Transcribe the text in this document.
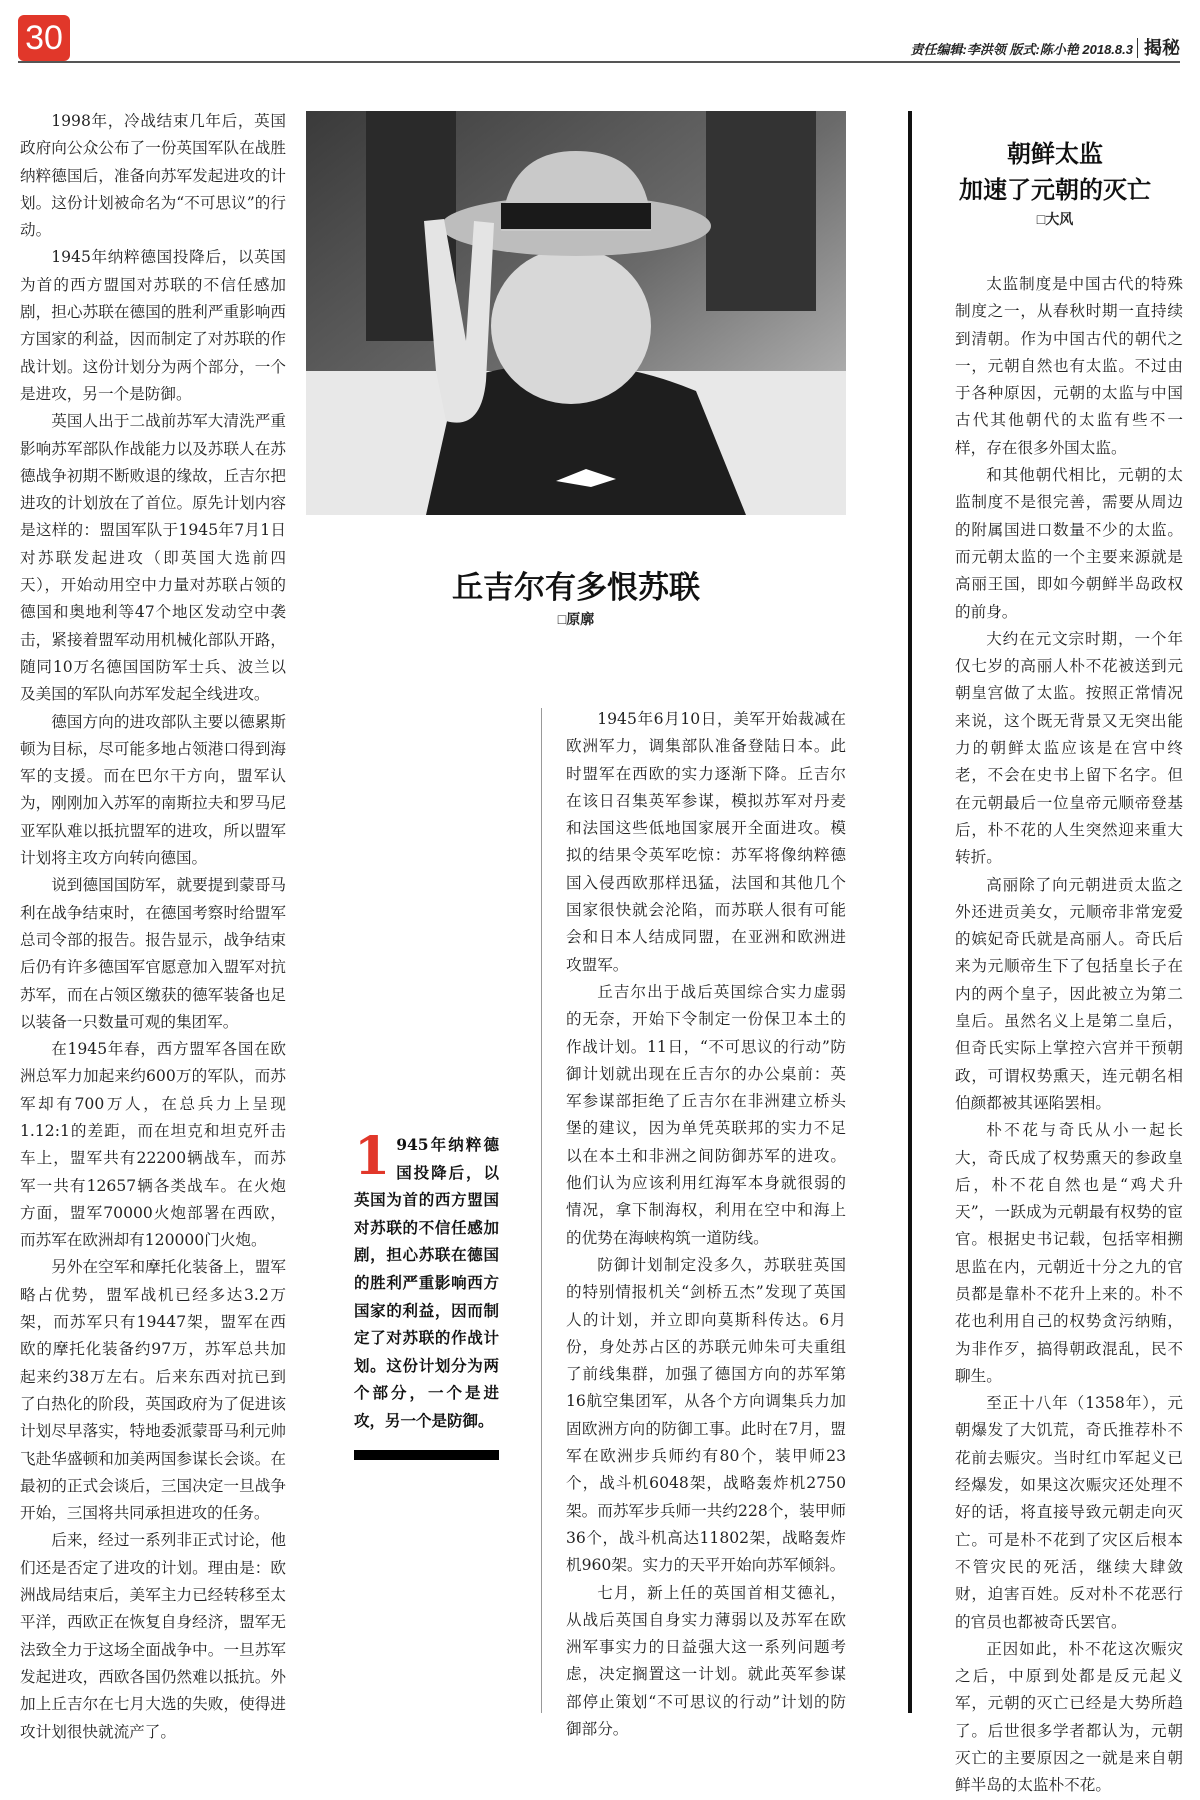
30	责任编辑:李洪领 版式:陈小艳 2018.8.3 揭秘

1998年，冷战结束几年后，英国政府向公众公布了一份英国军队在战胜纳粹德国后，准备向苏军发起进攻的计划。这份计划被命名为“不可思议”的行动。

1945年纳粹德国投降后，以英国为首的西方盟国对苏联的不信任感加剧，担心苏联在德国的胜利严重影响西方国家的利益，因而制定了对苏联的作战计划。这份计划分为两个部分，一个是进攻，另一个是防御。

英国人出于二战前苏军大清洗严重影响苏军部队作战能力以及苏联人在苏德战争初期不断败退的缘故，丘吉尔把进攻的计划放在了首位。原先计划内容是这样的：盟国军队于1945年7月1日对苏联发起进攻（即英国大选前四天），开始动用空中力量对苏联占领的德国和奥地利等47个地区发动空中袭击，紧接着盟军动用机械化部队开路，随同10万名德国国防军士兵、波兰以及美国的军队向苏军发起全线进攻。

德国方向的进攻部队主要以德累斯顿为目标，尽可能多地占领港口得到海军的支援。而在巴尔干方向，盟军认为，刚刚加入苏军的南斯拉夫和罗马尼亚军队难以抵抗盟军的进攻，所以盟军计划将主攻方向转向德国。

说到德国国防军，就要提到蒙哥马利在战争结束时，在德国考察时给盟军总司令部的报告。报告显示，战争结束后仍有许多德国军官愿意加入盟军对抗苏军，而在占领区缴获的德军装备也足以装备一只数量可观的集团军。

在1945年春，西方盟军各国在欧洲总军力加起来约600万的军队，而苏军却有700万人，在总兵力上呈现1.12:1的差距，而在坦克和坦克歼击车上，盟军共有22200辆战车，而苏军一共有12657辆各类战车。在火炮方面，盟军70000火炮部署在西欧，而苏军在欧洲却有120000门火炮。

另外在空军和摩托化装备上，盟军略占优势，盟军战机已经多达3.2万架，而苏军只有19447架，盟军在西欧的摩托化装备约97万，苏军总共加起来约38万左右。后来东西对抗已到了白热化的阶段，英国政府为了促进该计划尽早落实，特地委派蒙哥马利元帅飞赴华盛顿和加美两国参谋长会谈。在最初的正式会谈后，三国决定一旦战争开始，三国将共同承担进攻的任务。

后来，经过一系列非正式讨论，他们还是否定了进攻的计划。理由是：欧洲战局结束后，美军主力已经转移至太平洋，西欧正在恢复自身经济，盟军无法致全力于这场全面战争中。一旦苏军发起进攻，西欧各国仍然难以抵抗。外加上丘吉尔在七月大选的失败，使得进攻计划很快就流产了。

丘吉尔有多恨苏联
□原廓
1 945年纳粹德国投降后，以英国为首的西方盟国对苏联的不信任感加剧，担心苏联在德国的胜利严重影响西方国家的利益，因而制定了对苏联的作战计划。这份计划分为两个部分，一个是进攻，另一个是防御。

1945年6月10日，美军开始裁减在欧洲军力，调集部队准备登陆日本。此时盟军在西欧的实力逐渐下降。丘吉尔在该日召集英军参谋，模拟苏军对丹麦和法国这些低地国家展开全面进攻。模拟的结果令英军吃惊：苏军将像纳粹德国入侵西欧那样迅猛，法国和其他几个国家很快就会沦陷，而苏联人很有可能会和日本人结成同盟，在亚洲和欧洲进攻盟军。

丘吉尔出于战后英国综合实力虚弱的无奈，开始下令制定一份保卫本土的作战计划。11日，“不可思议的行动”防御计划就出现在丘吉尔的办公桌前：英军参谋部拒绝了丘吉尔在非洲建立桥头堡的建议，因为单凭英联邦的实力不足以在本土和非洲之间防御苏军的进攻。他们认为应该利用红海军本身就很弱的情况，拿下制海权，利用在空中和海上的优势在海峡构筑一道防线。

防御计划制定没多久，苏联驻英国的特别情报机关“剑桥五杰”发现了英国人的计划，并立即向莫斯科传达。6月份，身处苏占区的苏联元帅朱可夫重组了前线集群，加强了德国方向的苏军第16航空集团军，从各个方向调集兵力加固欧洲方向的防御工事。此时在7月，盟军在欧洲步兵师约有80个，装甲师23个，战斗机6048架，战略轰炸机2750架。而苏军步兵师一共约228个，装甲师36个，战斗机高达11802架，战略轰炸机960架。实力的天平开始向苏军倾斜。

七月，新上任的英国首相艾德礼，从战后英国自身实力薄弱以及苏军在欧洲军事实力的日益强大这一系列问题考虑，决定搁置这一计划。就此英军参谋部停止策划“不可思议的行动”计划的防御部分。

朝鲜太监
加速了元朝的灭亡
□大风

太监制度是中国古代的特殊制度之一，从春秋时期一直持续到清朝。作为中国古代的朝代之一，元朝自然也有太监。不过由于各种原因，元朝的太监与中国古代其他朝代的太监有些不一样，存在很多外国太监。

和其他朝代相比，元朝的太监制度不是很完善，需要从周边的附属国进口数量不少的太监。而元朝太监的一个主要来源就是高丽王国，即如今朝鲜半岛政权的前身。

大约在元文宗时期，一个年仅七岁的高丽人朴不花被送到元朝皇宫做了太监。按照正常情况来说，这个既无背景又无突出能力的朝鲜太监应该是在宫中终老，不会在史书上留下名字。但在元朝最后一位皇帝元顺帝登基后，朴不花的人生突然迎来重大转折。

高丽除了向元朝进贡太监之外还进贡美女，元顺帝非常宠爱的嫔妃奇氏就是高丽人。奇氏后来为元顺帝生下了包括皇长子在内的两个皇子，因此被立为第二皇后。虽然名义上是第二皇后，但奇氏实际上掌控六宫并干预朝政，可谓权势熏天，连元朝名相伯颜都被其诬陷罢相。

朴不花与奇氏从小一起长大，奇氏成了权势熏天的参政皇后，朴不花自然也是“鸡犬升天”，一跃成为元朝最有权势的宦官。根据史书记载，包括宰相搠思监在内，元朝近十分之九的官员都是靠朴不花升上来的。朴不花也利用自己的权势贪污纳贿，为非作歹，搞得朝政混乱，民不聊生。

至正十八年（1358年），元朝爆发了大饥荒，奇氏推荐朴不花前去赈灾。当时红巾军起义已经爆发，如果这次赈灾还处理不好的话，将直接导致元朝走向灭亡。可是朴不花到了灾区后根本不管灾民的死活，继续大肆敛财，迫害百姓。反对朴不花恶行的官员也都被奇氏罢官。

正因如此，朴不花这次赈灾之后，中原到处都是反元起义军，元朝的灭亡已经是大势所趋了。后世很多学者都认为，元朝灭亡的主要原因之一就是来自朝鲜半岛的太监朴不花。
